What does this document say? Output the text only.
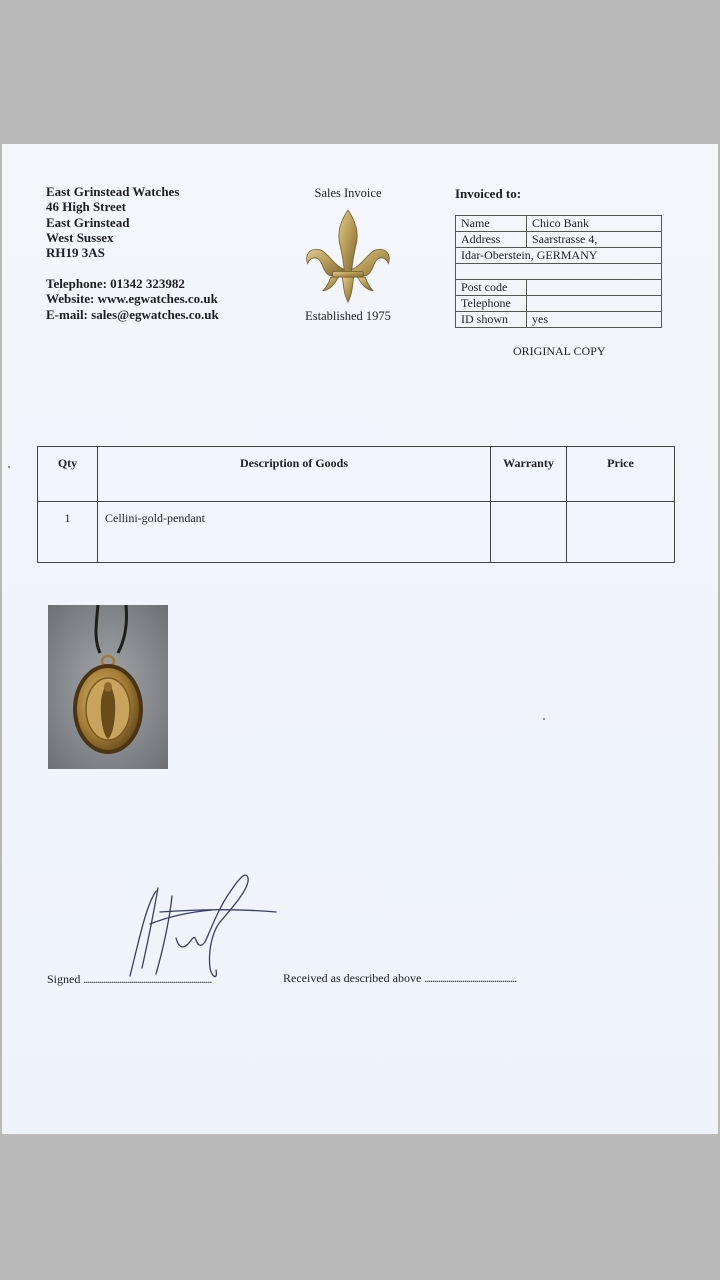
East Grinstead Watches
46 High Street
East Grinstead
West Sussex
RH19 3AS
Telephone: 01342 323982
Website: www.egwatches.co.uk
E-mail: sales@egwatches.co.uk
Sales Invoice
Established 1975
Invoiced to:
Name	Chico Bank
Address	Saarstrasse 4,
Idar-Oberstein, GERMANY	

Post code	
Telephone	
ID shown	yes
ORIGINAL COPY
Qty	Description of Goods	Warranty	Price
1	Cellini-gold-pendant		
Signed ................................................................	Received as described above ..............................................
